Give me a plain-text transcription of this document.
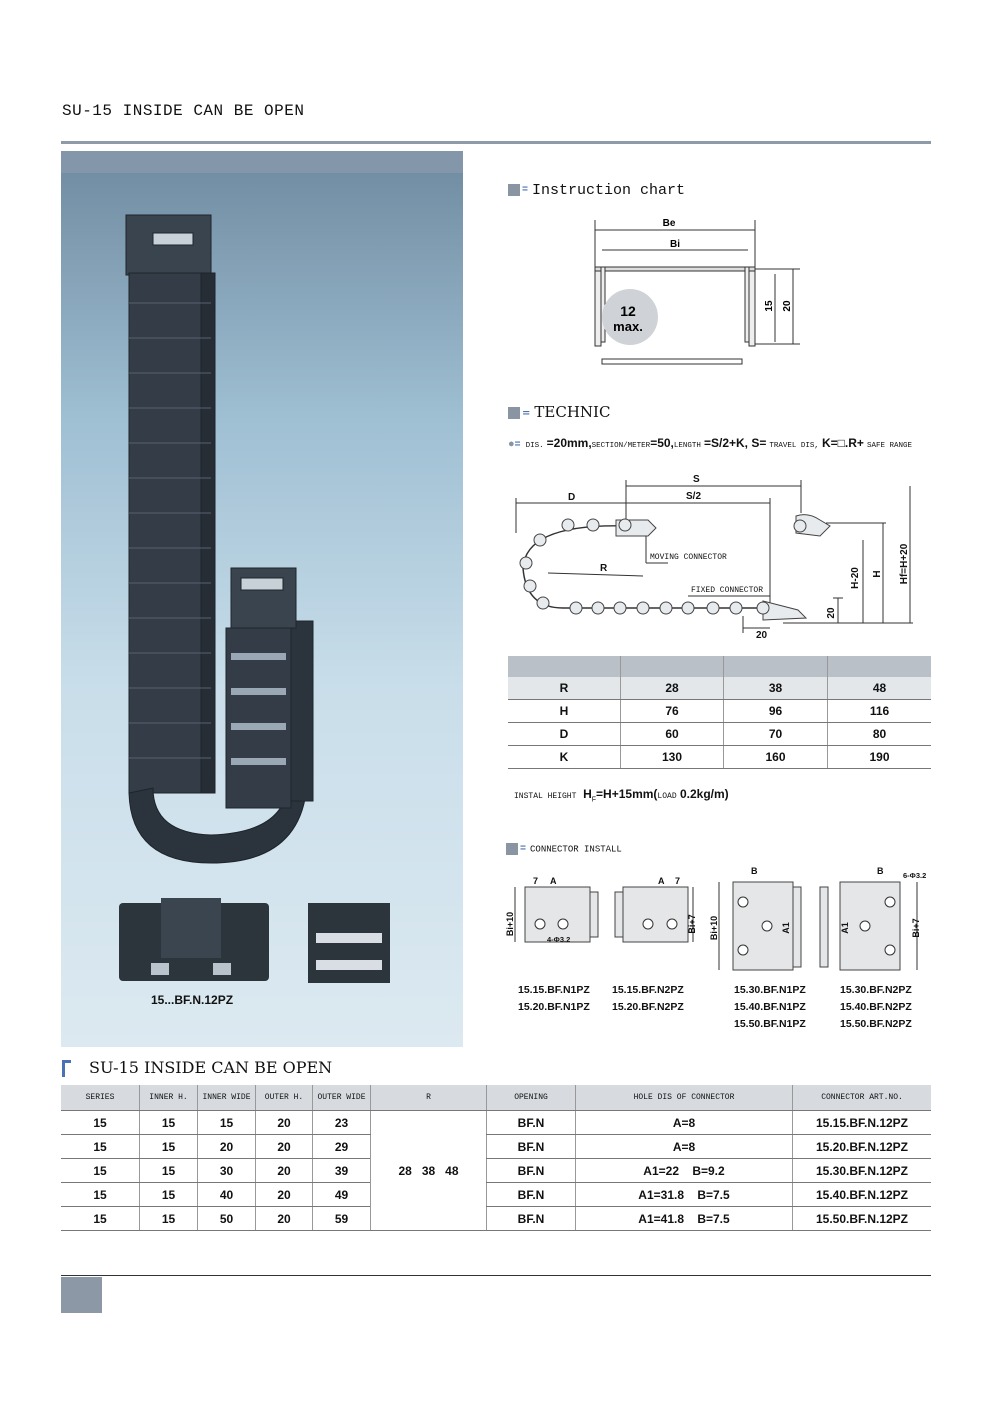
SU-15 INSIDE CAN BE OPEN
15...BF.N.12PZ
= Instruction chart
Be
Bi
12
max.
15 20
= TECHNIC
●= DIS. =20mm,SECTION/METER=50,LENGTH =S/2+K, S= TRAVEL DIS, K=□.R+ SAFE RANGE
S
D	S/2
R
20
H-20 H Hf=H+20
20
MOVING CONNECTOR
FIXED CONNECTOR

R	28	38	48
H	76	96	116
D	60	70	80
K	130	160	190
INSTAL HEIGHT $H_F=H+15mm(LOAD$ 0.2kg/m)
= CONNECTOR INSTALL
7 A	A 7
B	B
Bi+10	Bi+7 Bi+10	A1	A1	Bi+7
4-Φ3.2
6-Φ3.2
15.15.BF.N1PZ
15.20.BF.N1PZ
15.15.BF.N2PZ
15.20.BF.N2PZ
15.30.BF.N1PZ
15.40.BF.N1PZ
15.50.BF.N1PZ
15.30.BF.N2PZ
15.40.BF.N2PZ
15.50.BF.N2PZ
SU-15 INSIDE CAN BE OPEN
SERIES	INNER H.	INNER WIDE	OUTER H.	OUTER WIDE	R	OPENING	HOLE DIS OF CONNECTOR	CONNECTOR ART.NO.
15	15	15	20	23	28   38   48	BF.N	A=8	15.15.BF.N.12PZ
15	15	20	20	29		BF.N	A=8	15.20.BF.N.12PZ
15	15	30	20	39		BF.N	A1=22    B=9.2	15.30.BF.N.12PZ
15	15	40	20	49		BF.N	A1=31.8    B=7.5	15.40.BF.N.12PZ
15	15	50	20	59		BF.N	A1=41.8    B=7.5	15.50.BF.N.12PZ
